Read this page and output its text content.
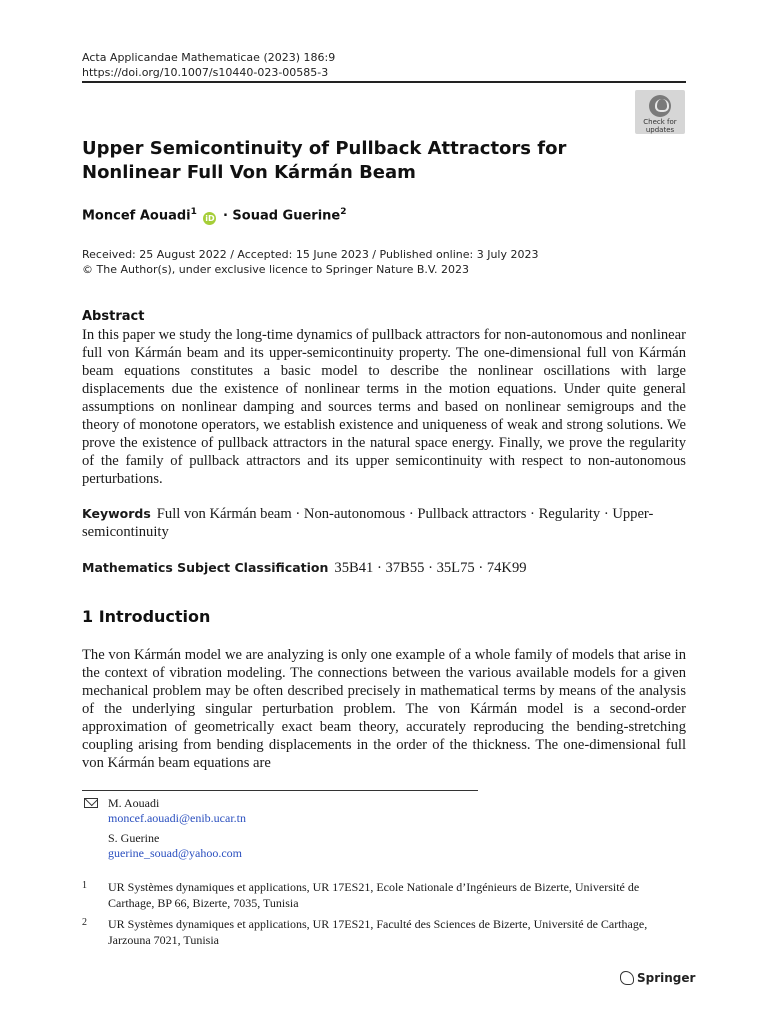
Acta Applicandae Mathematicae (2023) 186:9
https://doi.org/10.1007/s10440-023-00585-3
Check for
updates
Upper Semicontinuity of Pullback Attractors for Nonlinear Full Von Kármán Beam
Moncef Aouadi$^1$ iD · Souad Guerine$^2$
Received: 25 August 2022 / Accepted: 15 June 2023 / Published online: 3 July 2023
© The Author(s), under exclusive licence to Springer Nature B.V. 2023
Abstract
In this paper we study the long-time dynamics of pullback attractors for non-autonomous and nonlinear full von Kármán beam and its upper-semicontinuity property. The one-dimensional full von Kármán beam equations constitutes a basic model to describe the nonlinear oscillations with large displacements due the existence of nonlinear terms in the motion equations. Under quite general assumptions on nonlinear damping and sources terms and based on nonlinear semigroups and the theory of monotone operators, we establish existence and uniqueness of weak and strong solutions. We prove the existence of pullback attractors in the natural space energy. Finally, we prove the regularity of the family of pullback attractors and its upper semicontinuity with respect to non-autonomous perturbations.
Keywords Full von Kármán beam · Non-autonomous · Pullback attractors · Regularity · Upper-semicontinuity
Mathematics Subject Classification 35B41 · 37B55 · 35L75 · 74K99
1 Introduction
The von Kármán model we are analyzing is only one example of a whole family of models that arise in the context of vibration modeling. The connections between the various available models for a given mechanical problem may be often described precisely in mathematical terms by means of the analysis of the underlying singular perturbation problem. The von Kármán model is a second-order approximation of geometrically exact beam theory, accurately reproducing the bending-stretching coupling arising from bending displacements in the order of the thickness. The one-dimensional full von Kármán beam equations are
M. Aouadi
moncef.aouadi@enib.ucar.tn
S. Guerine
guerine_souad@yahoo.com
1 UR Systèmes dynamiques et applications, UR 17ES21, Ecole Nationale d’Ingénieurs de Bizerte, Université de Carthage, BP 66, Bizerte, 7035, Tunisia
2 UR Systèmes dynamiques et applications, UR 17ES21, Faculté des Sciences de Bizerte, Université de Carthage, Jarzouna 7021, Tunisia
Springer
